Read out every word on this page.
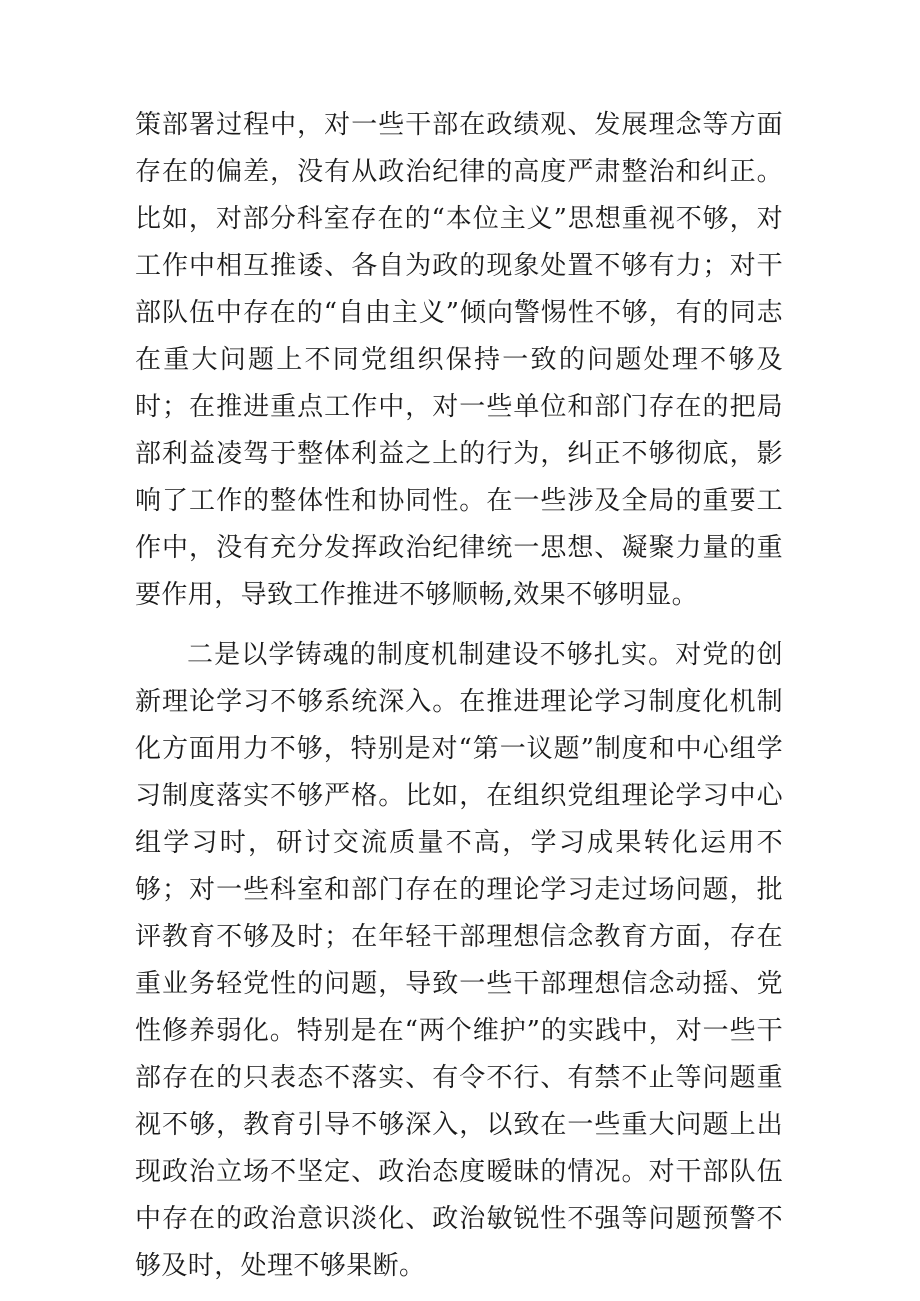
策部署过程中，对一些干部在政绩观、发展理念等方面存在的偏差，没有从政治纪律的高度严肃整治和纠正。比如，对部分科室存在的“本位主义”思想重视不够，对工作中相互推诿、各自为政的现象处置不够有力；对干部队伍中存在的“自由主义”倾向警惕性不够，有的同志在重大问题上不同党组织保持一致的问题处理不够及时；在推进重点工作中，对一些单位和部门存在的把局部利益凌驾于整体利益之上的行为，纠正不够彻底，影响了工作的整体性和协同性。在一些涉及全局的重要工作中，没有充分发挥政治纪律统一思想、凝聚力量的重要作用，导致工作推进不够顺畅,效果不够明显。

二是以学铸魂的制度机制建设不够扎实。对党的创新理论学习不够系统深入。在推进理论学习制度化机制化方面用力不够，特别是对“第一议题”制度和中心组学习制度落实不够严格。比如，在组织党组理论学习中心组学习时，研讨交流质量不高，学习成果转化运用不够；对一些科室和部门存在的理论学习走过场问题，批评教育不够及时；在年轻干部理想信念教育方面，存在重业务轻党性的问题，导致一些干部理想信念动摇、党性修养弱化。特别是在“两个维护”的实践中，对一些干部存在的只表态不落实、有令不行、有禁不止等问题重视不够，教育引导不够深入，以致在一些重大问题上出现政治立场不坚定、政治态度暧昧的情况。对干部队伍中存在的政治意识淡化、政治敏锐性不强等问题预警不够及时，处理不够果断。
